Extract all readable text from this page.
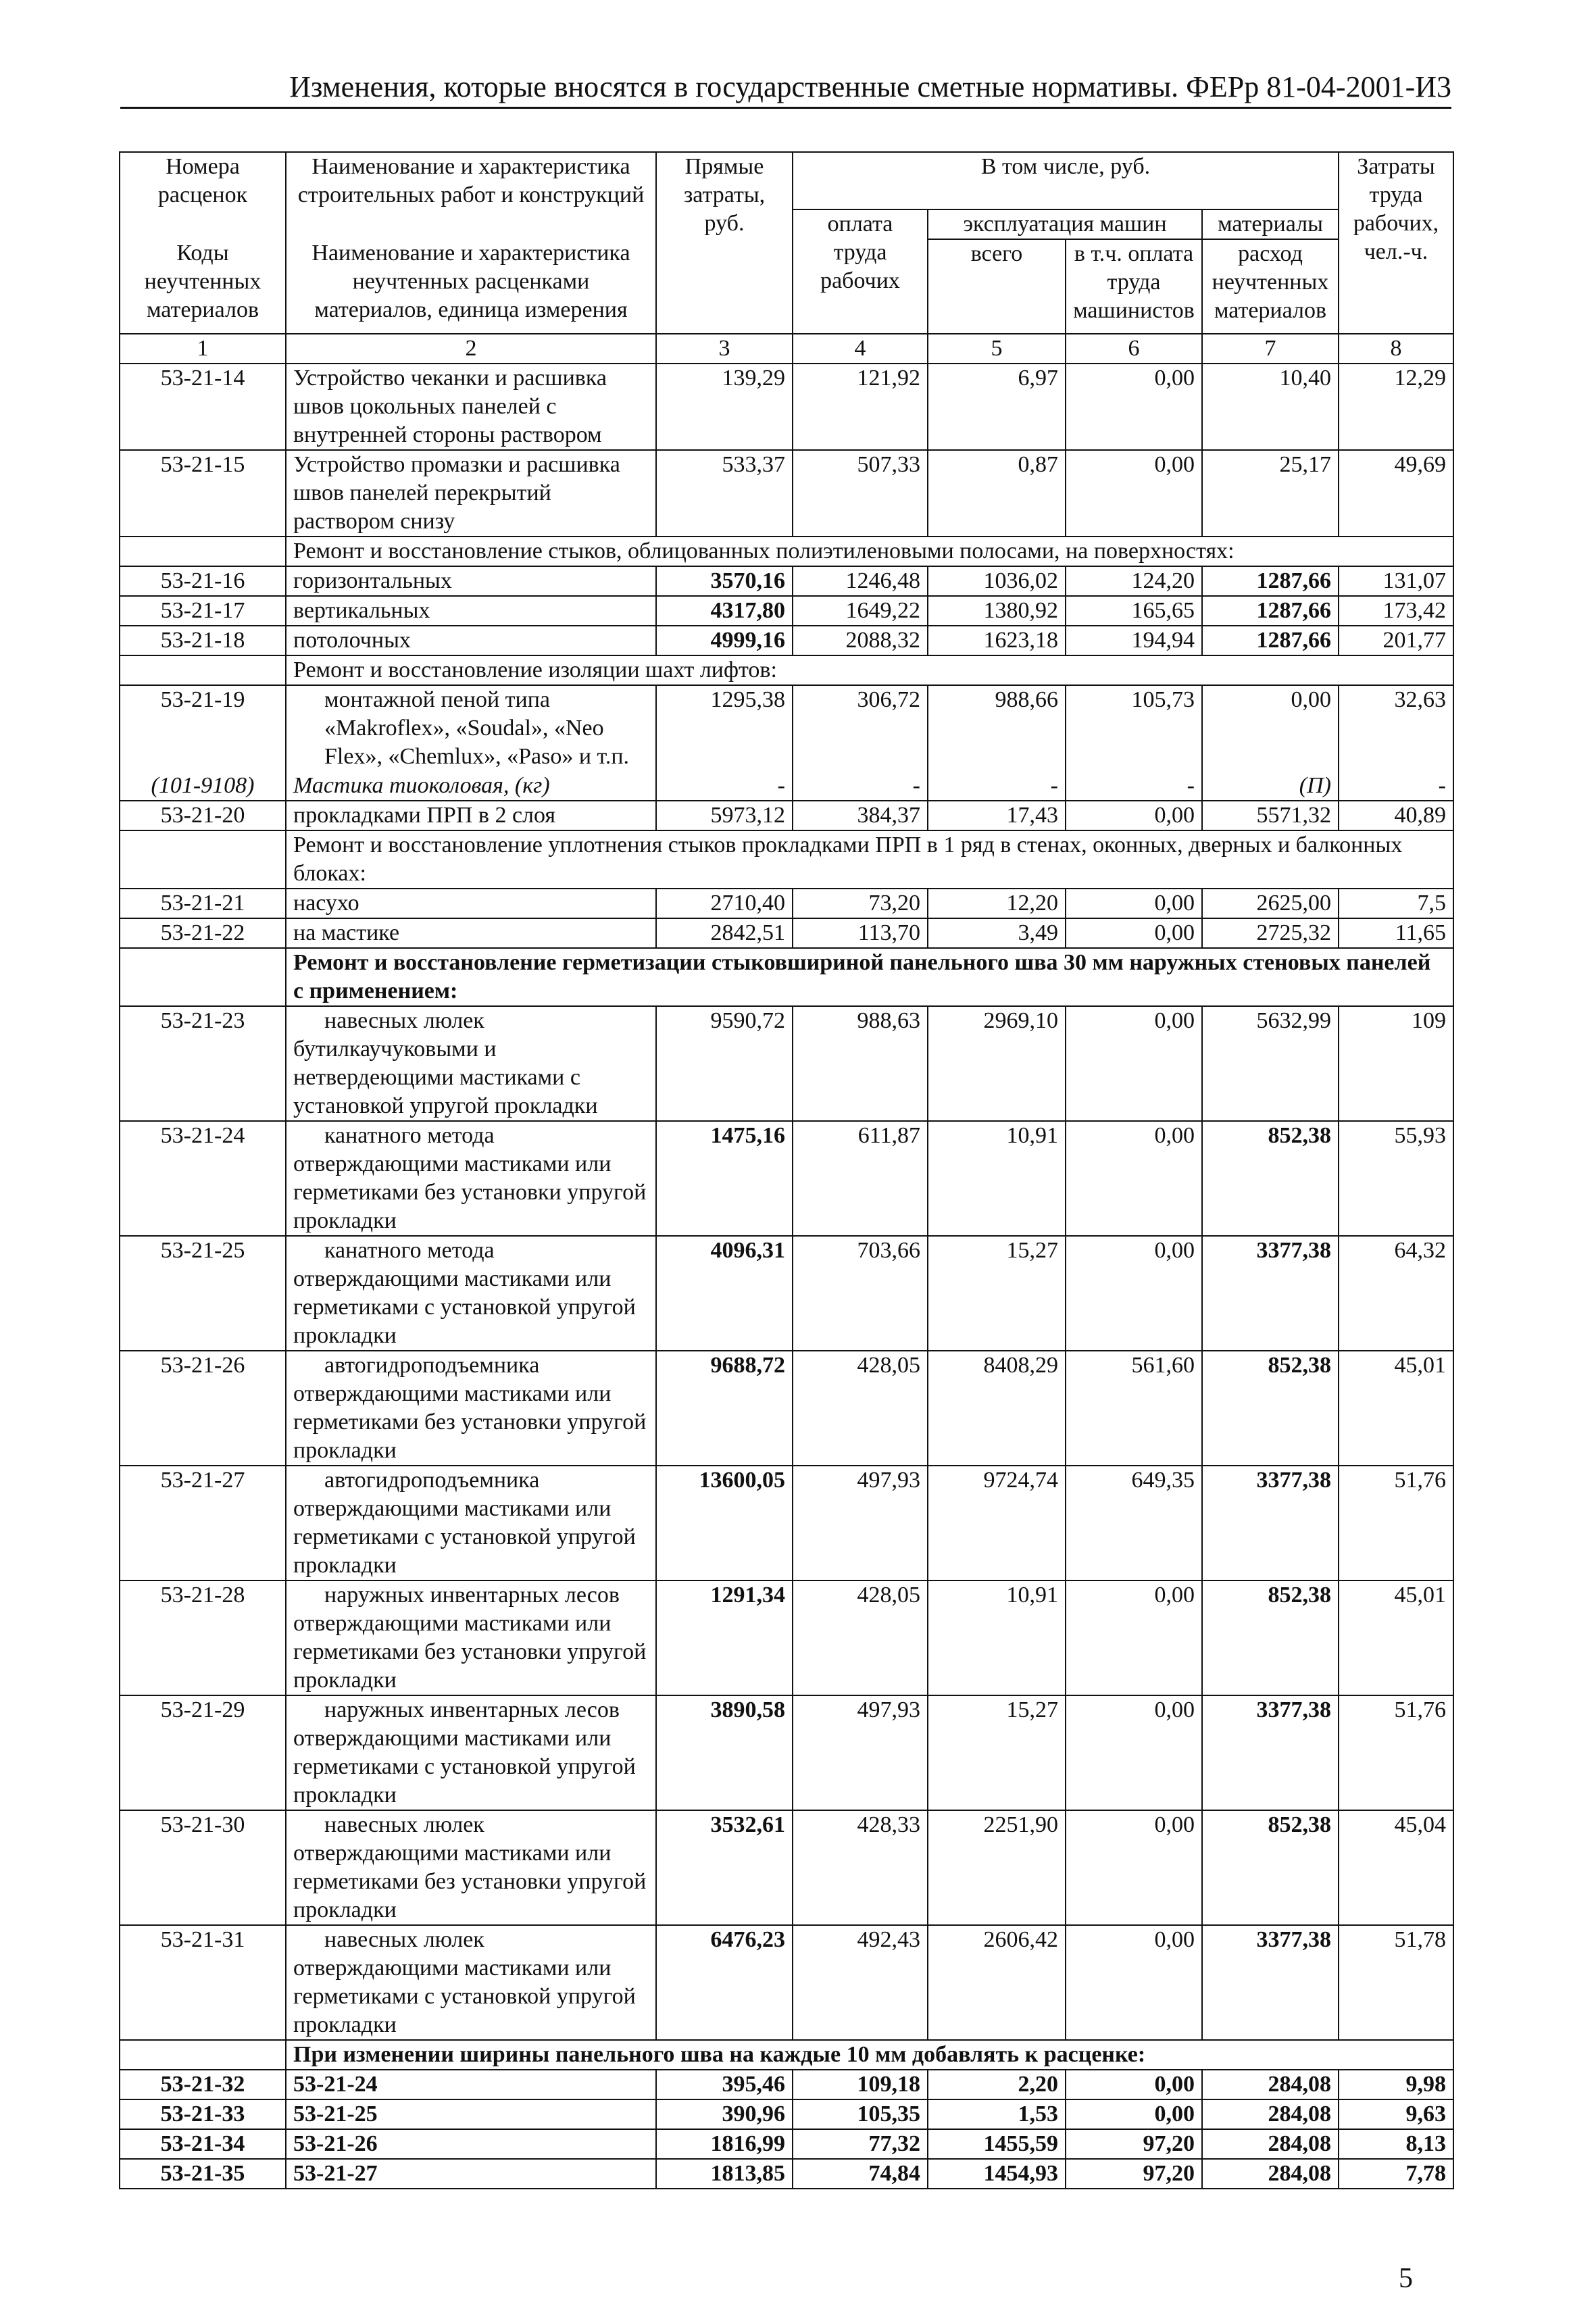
Изменения, которые вносятся в государственные сметные нормативы. ФЕРр 81-04-2001-И3
Номера расценок	Наименование и характеристика строительных работ и конструкций	Прямые затраты, руб.	В том числе, руб.				Затраты труда рабочих, чел.-ч.
			оплата труда рабочих	эксплуатация машин		материалы	
Коды неучтенных материалов	Наименование и характеристика неучтенных расценками материалов, единица измерения			всего	в т.ч. оплата труда машинистов	расход неучтенных материалов	

1	2	3	4	5	6	7	8
53-21-14	Устройство чеканки и расшивка швов цокольных панелей с внутренней стороны раствором	139,29	121,92	6,97	0,00	10,40	12,29
53-21-15	Устройство промазки и расшивка швов панелей перекрытий раствором снизу	533,37	507,33	0,87	0,00	25,17	49,69
	Ремонт и восстановление стыков, облицованных полиэтиленовыми полосами, на поверхностях:						
53-21-16	горизонтальных	3570,16	1246,48	1036,02	124,20	1287,66	131,07
53-21-17	вертикальных	4317,80	1649,22	1380,92	165,65	1287,66	173,42
53-21-18	потолочных	4999,16	2088,32	1623,18	194,94	1287,66	201,77
	Ремонт и восстановление изоляции шахт лифтов:						
53-21-19	монтажной пеной типа «Makroflex», «Soudal», «Neo Flex», «Chemlux», «Paso» и т.п.	1295,38	306,72	988,66	105,73	0,00	32,63
(101-9108)	Мастика тиоколовая, (кг)	-	-	-	-	(П)	-
53-21-20	прокладками ПРП в 2 слоя	5973,12	384,37	17,43	0,00	5571,32	40,89
	Ремонт и восстановление уплотнения стыков прокладками ПРП в 1 ряд в стенах, оконных, дверных и балконных блоках:						
53-21-21	насухо	2710,40	73,20	12,20	0,00	2625,00	7,5
53-21-22	на мастике	2842,51	113,70	3,49	0,00	2725,32	11,65
	Ремонт и восстановление герметизации стыковшириной панельного шва 30 мм наружных стеновых панелей с применением:						
53-21-23	навесных люлек бутилкаучуковыми и нетвердеющими мастиками с установкой упругой прокладки	9590,72	988,63	2969,10	0,00	5632,99	109
53-21-24	канатного метода отверждающими мастиками или герметиками без установки упругой прокладки	1475,16	611,87	10,91	0,00	852,38	55,93
53-21-25	канатного метода отверждающими мастиками или герметиками с установкой упругой прокладки	4096,31	703,66	15,27	0,00	3377,38	64,32
53-21-26	автогидроподъемника отверждающими мастиками или герметиками без установки упругой прокладки	9688,72	428,05	8408,29	561,60	852,38	45,01
53-21-27	автогидроподъемника отверждающими мастиками или герметиками с установкой упругой прокладки	13600,05	497,93	9724,74	649,35	3377,38	51,76
53-21-28	наружных инвентарных лесов отверждающими мастиками или герметиками без установки упругой прокладки	1291,34	428,05	10,91	0,00	852,38	45,01
53-21-29	наружных инвентарных лесов отверждающими мастиками или герметиками с установкой упругой прокладки	3890,58	497,93	15,27	0,00	3377,38	51,76
53-21-30	навесных люлек отверждающими мастиками или герметиками без установки упругой прокладки	3532,61	428,33	2251,90	0,00	852,38	45,04
53-21-31	навесных люлек отверждающими мастиками или герметиками с установкой упругой прокладки	6476,23	492,43	2606,42	0,00	3377,38	51,78
	При изменении ширины панельного шва на каждые 10 мм добавлять к расценке:						
53-21-32	53-21-24	395,46	109,18	2,20	0,00	284,08	9,98
53-21-33	53-21-25	390,96	105,35	1,53	0,00	284,08	9,63
53-21-34	53-21-26	1816,99	77,32	1455,59	97,20	284,08	8,13
53-21-35	53-21-27	1813,85	74,84	1454,93	97,20	284,08	7,78
5
